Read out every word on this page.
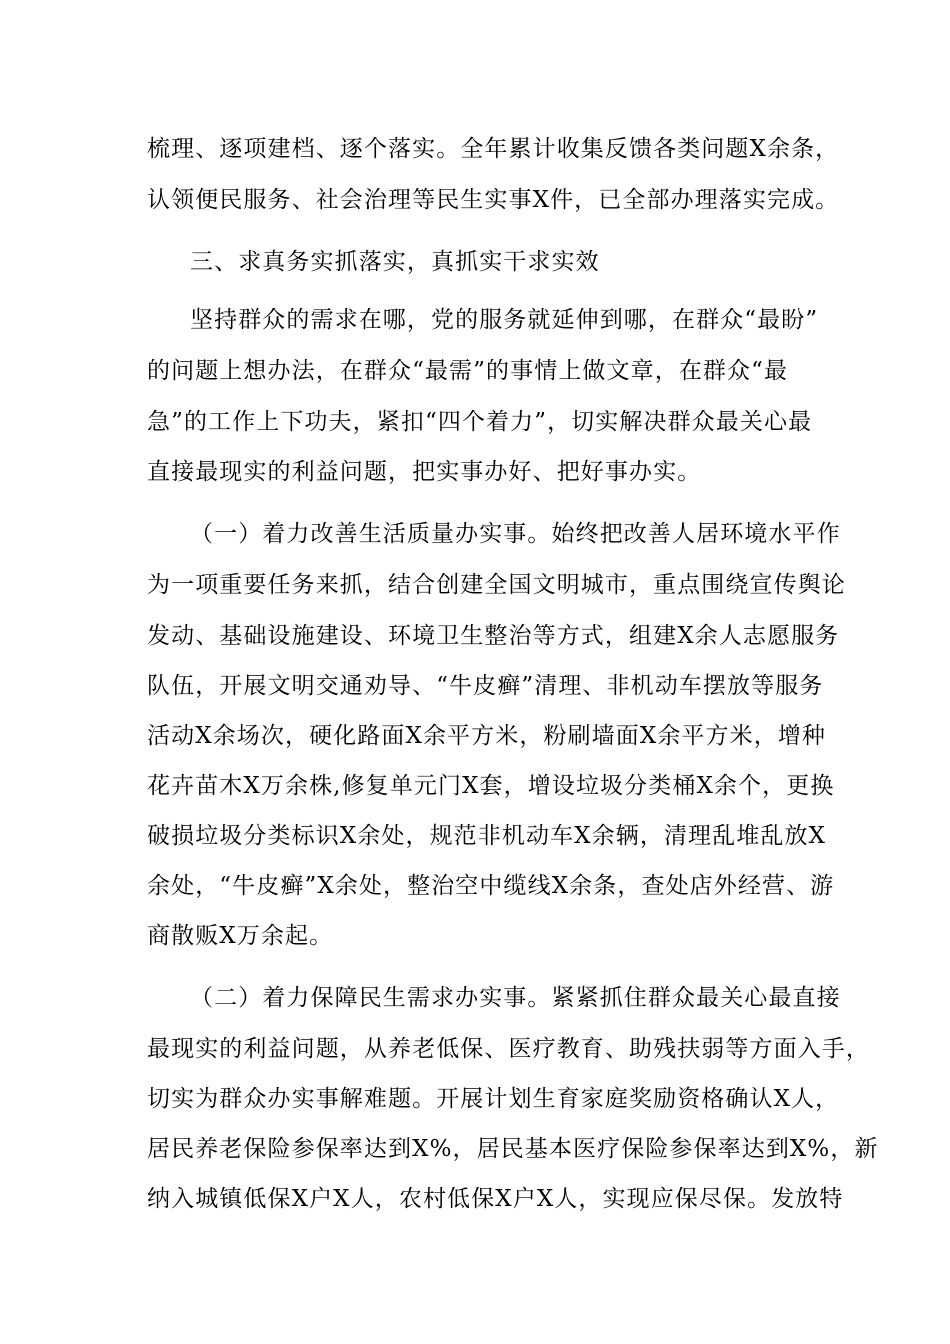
梳理、逐项建档、逐个落实。全年累计收集反馈各类问题X余条，

认领便民服务、社会治理等民生实事X件，已全部办理落实完成。

三、求真务实抓落实，真抓实干求实效

坚持群众的需求在哪，党的服务就延伸到哪，在群众“最盼”

的问题上想办法，在群众“最需”的事情上做文章，在群众“最

急”的工作上下功夫，紧扣“四个着力”，切实解决群众最关心最

直接最现实的利益问题，把实事办好、把好事办实。

（一）着力改善生活质量办实事。始终把改善人居环境水平作

为一项重要任务来抓，结合创建全国文明城市，重点围绕宣传舆论

发动、基础设施建设、环境卫生整治等方式，组建X余人志愿服务

队伍，开展文明交通劝导、“牛皮癣”清理、非机动车摆放等服务

活动X余场次，硬化路面X余平方米，粉刷墙面X余平方米，增种

花卉苗木X万余株,修复单元门X套，增设垃圾分类桶X余个，更换

破损垃圾分类标识X余处，规范非机动车X余辆，清理乱堆乱放X

余处，“牛皮癣”X余处，整治空中缆线X余条，查处店外经营、游

商散贩X万余起。

（二）着力保障民生需求办实事。紧紧抓住群众最关心最直接

最现实的利益问题，从养老低保、医疗教育、助残扶弱等方面入手，

切实为群众办实事解难题。开展计划生育家庭奖励资格确认X人，

居民养老保险参保率达到X%，居民基本医疗保险参保率达到X%，新

纳入城镇低保X户X人，农村低保X户X人，实现应保尽保。发放特
